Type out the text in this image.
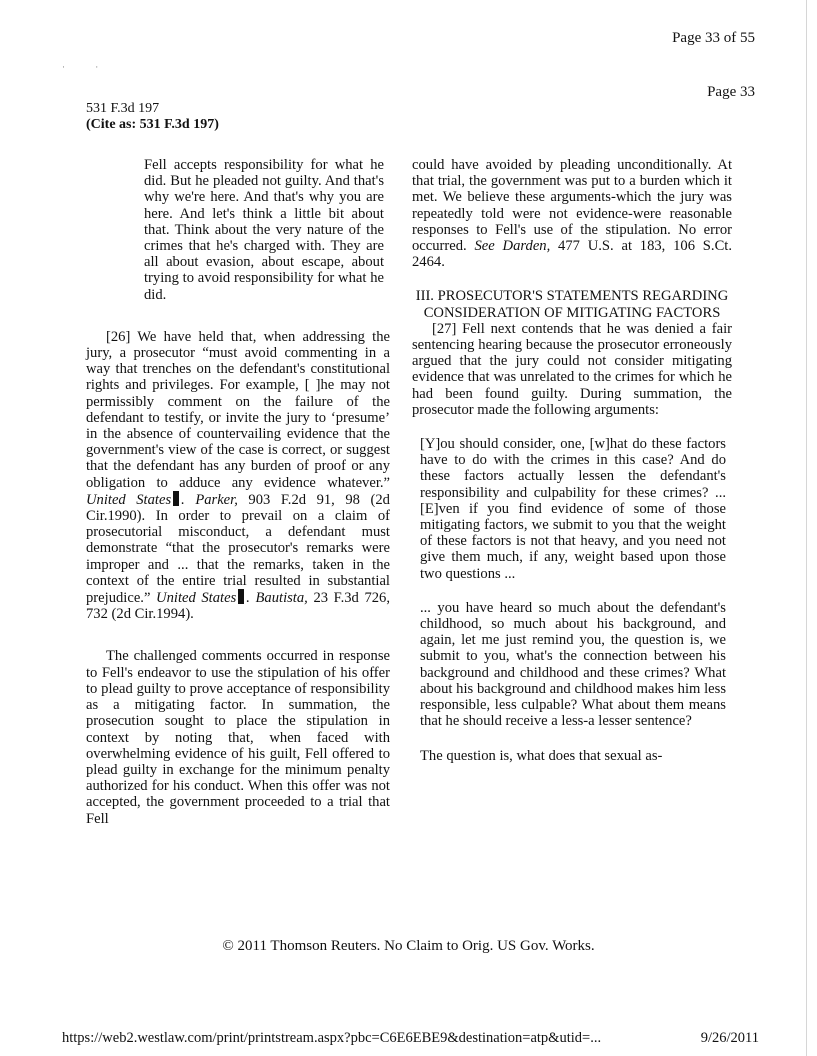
· ·
Page 33 of 55
Page 33
531 F.3d 197
(Cite as: 531 F.3d 197)

Fell accepts responsibility for what he did. But he pleaded not guilty. And that's why we're here. And that's why you are here. And let's think a little bit about that. Think about the very nature of the crimes that he's charged with. They are all about evasion, about escape, about trying to avoid responsibility for what he did.

[26] We have held that, when addressing the jury, a prosecutor “must avoid commenting in a way that trenches on the defendant's constitutional rights and privileges. For example, [ ]he may not permissibly comment on the failure of the defendant to testify, or invite the jury to ‘presume’ in the absence of countervailing evidence that the government's view of the case is correct, or suggest that the defendant has any burden of proof or any obligation to adduce any evidence whatever.” United States . Parker, 903 F.2d 91, 98 (2d Cir.1990). In order to prevail on a claim of prosecutorial misconduct, a defendant must demonstrate “that the prosecutor's remarks were improper and ... that the remarks, taken in the context of the entire trial resulted in substantial prejudice.” United States . Bautista, 23 F.3d 726, 732 (2d Cir.1994).

The challenged comments occurred in response to Fell's endeavor to use the stipulation of his offer to plead guilty to prove acceptance of responsibility as a mitigating factor. In summation, the prosecution sought to place the stipulation in context by noting that, when faced with overwhelming evidence of his guilt, Fell offered to plead guilty in exchange for the minimum penalty authorized for his conduct. When this offer was not accepted, the government proceeded to a trial that Fell

could have avoided by pleading unconditionally. At that trial, the government was put to a burden which it met. We believe these arguments-which the jury was repeatedly told were not evidence-were reasonable responses to Fell's use of the stipulation. No error occurred. See Darden, 477 U.S. at 183, 106 S.Ct. 2464.

III. PROSECUTOR'S STATEMENTS REGARDING CONSIDERATION OF MITIGATING FACTORS

[27] Fell next contends that he was denied a fair sentencing hearing because the prosecutor erroneously argued that the jury could not consider mitigating evidence that was unrelated to the crimes for which he had been found guilty. During summation, the prosecutor made the following arguments:

[Y]ou should consider, one, [w]hat do these factors have to do with the crimes in this case? And do these factors actually lessen the defendant's responsibility and culpability for these crimes? ... [E]ven if you find evidence of some of those mitigating factors, we submit to you that the weight of these factors is not that heavy, and you need not give them much, if any, weight based upon those two questions ...

... you have heard so much about the defendant's childhood, so much about his background, and again, let me just remind you, the question is, we submit to you, what's the connection between his background and childhood and these crimes? What about his background and childhood makes him less responsible, less culpable? What about them means that he should receive a less-a lesser sentence?

The question is, what does that sexual as-

© 2011 Thomson Reuters. No Claim to Orig. US Gov. Works.
https://web2.westlaw.com/print/printstream.aspx?pbc=C6E6EBE9&destination=atp&utid=...	9/26/2011
